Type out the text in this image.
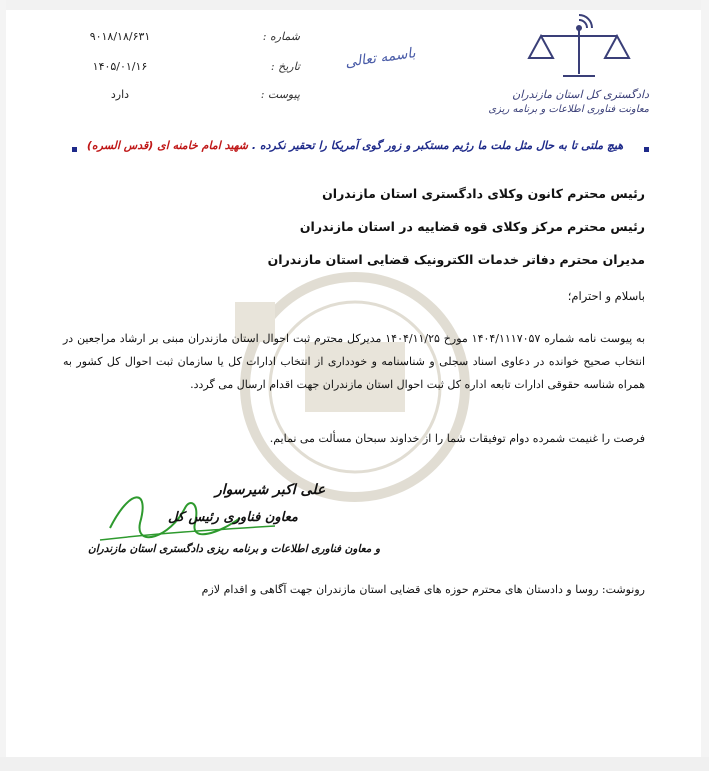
شماره :
۹۰۱۸/۱۸/۶۳۱
تاریخ :
۱۴۰۵/۰۱/۱۶
پیوست :
دارد
باسمه تعالی
دادگستری کل استان مازندران
معاونت فناوری اطلاعات و برنامه ریزی
هیچ ملتی تا به حال مثل ملت ما رژیم مستکبر و زور گوی آمریکا را تحقیر نکرده . شهید امام خامنه ای (قدس السره)
رئیس محترم کانون وکلای دادگستری استان مازندران
رئیس محترم مرکز وکلای قوه قضاییه در استان مازندران
مدیران محترم دفاتر خدمات الکترونیک قضایی استان مازندران
باسلام و احترام؛
به پیوست نامه شماره ۱۴۰۴/۱۱۱۷۰۵۷ مورخ ۱۴۰۴/۱۱/۲۵ مدیرکل محترم ثبت احوال استان مازندران مبنی بر ارشاد مراجعین در انتخاب صحیح خوانده در دعاوی اسناد سجلی و شناسنامه و خودداری از انتخاب ادارات کل یا سازمان ثبت احوال کل کشور به همراه شناسه حقوقی ادارات تابعه اداره کل ثبت احوال استان مازندران جهت اقدام ارسال می گردد.
فرصت را غنیمت شمرده دوام توفیقات شما را از خداوند سبحان مسألت می نمایم.
علی اکبر شیرسوار
معاون فناوری رئیس کل
و معاون فناوری اطلاعات و برنامه ریزی دادگستری استان مازندران
رونوشت: روسا و دادستان های محترم حوزه های قضایی استان مازندران جهت آگاهی و اقدام لازم
